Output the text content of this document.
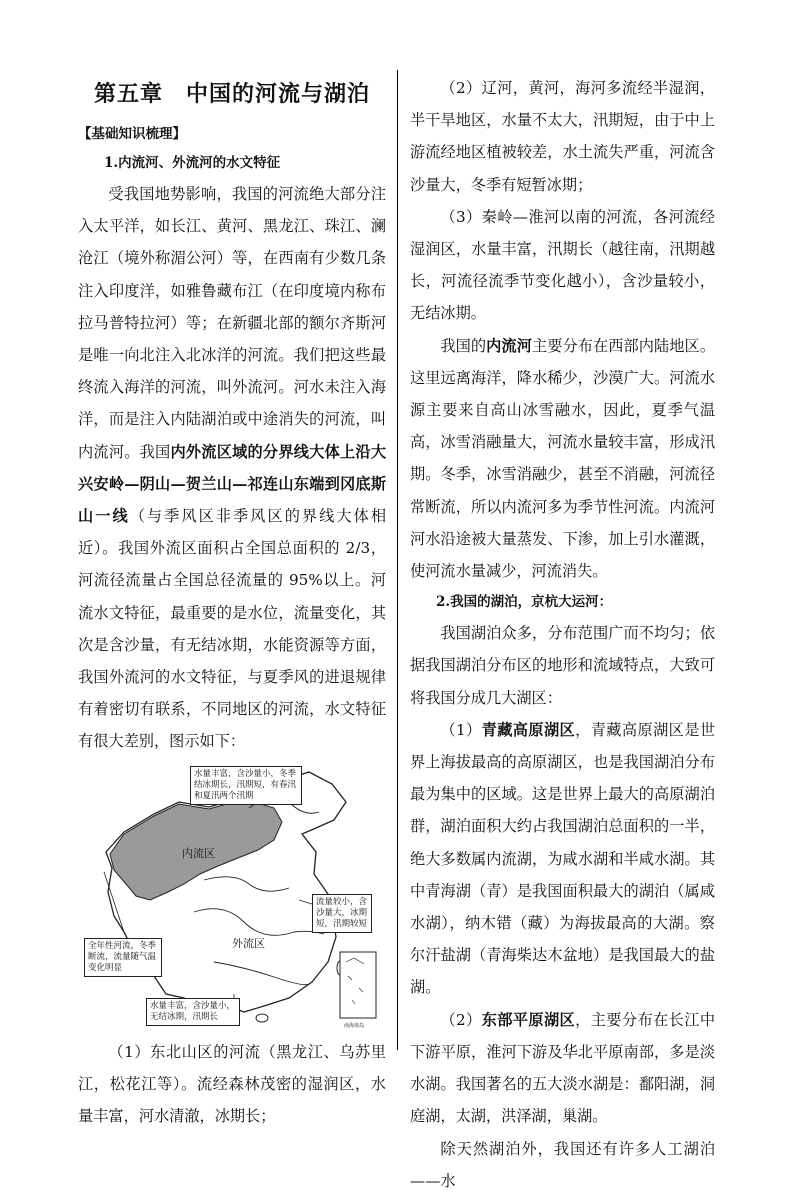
第五章　中国的河流与湖泊
【基础知识梳理】
1.内流河、外流河的水文特征

受我国地势影响，我国的河流绝大部分注入太平洋，如长江、黄河、黑龙江、珠江、澜沧江（境外称湄公河）等，在西南有少数几条注入印度洋，如雅鲁藏布江（在印度境内称布拉马普特拉河）等；在新疆北部的额尔齐斯河是唯一向北注入北冰洋的河流。我们把这些最终流入海洋的河流，叫外流河。河水未注入海洋，而是注入内陆湖泊或中途消失的河流，叫内流河。我国内外流区域的分界线大体上沿大兴安岭—阴山—贺兰山—祁连山东端到冈底斯山一线（与季风区非季风区的界线大体相近）。我国外流区面积占全国总面积的 2/3，河流径流量占全国总径流量的 95%以上。河流水文特征，最重要的是水位，流量变化，其次是含沙量，有无结冰期，水能资源等方面，我国外流河的水文特征，与夏季风的进退规律有着密切有联系，不同地区的河流，水文特征有很大差别，图示如下：

水量丰富，含沙量小，冬季结冰期长，汛期短，有春汛和夏汛两个汛期
流量较小，含沙量大，冰期短，汛期较短
全年性河流，冬季断流，流量随气温变化明显
水量丰富，含沙量小，无结冰期，汛期长
内流区
外流区
南海诸岛

（1）东北山区的河流（黑龙江、乌苏里江，松花江等）。流经森林茂密的湿润区，水量丰富，河水清澈，冰期长；

（2）辽河，黄河，海河多流经半湿润，半干旱地区，水量不太大，汛期短，由于中上游流经地区植被较差，水土流失严重，河流含沙量大，冬季有短暂冰期；

（3）秦岭—淮河以南的河流，各河流经湿润区，水量丰富，汛期长（越往南，汛期越长，河流径流季节变化越小），含沙量较小，无结冰期。

我国的内流河主要分布在西部内陆地区。这里远离海洋，降水稀少，沙漠广大。河流水源主要来自高山冰雪融水，因此，夏季气温高，冰雪消融量大，河流水量较丰富，形成汛期。冬季，冰雪消融少，甚至不消融，河流径常断流，所以内流河多为季节性河流。内流河河水沿途被大量蒸发、下渗，加上引水灌溉，使河流水量减少，河流消失。

2.我国的湖泊，京杭大运河：

我国湖泊众多，分布范围广而不均匀；依据我国湖泊分布区的地形和流域特点，大致可将我国分成几大湖区：

（1）青藏高原湖区，青藏高原湖区是世界上海拔最高的高原湖区，也是我国湖泊分布最为集中的区域。这是世界上最大的高原湖泊群，湖泊面积大约占我国湖泊总面积的一半，绝大多数属内流湖，为咸水湖和半咸水湖。其中青海湖（青）是我国面积最大的湖泊（属咸水湖），纳木错（藏）为海拔最高的大湖。察尔汗盐湖（青海柴达木盆地）是我国最大的盐湖。

（2）东部平原湖区，主要分布在长江中下游平原，淮河下游及华北平原南部，多是淡水湖。我国著名的五大淡水湖是：鄱阳湖，洞庭湖，太湖，洪泽湖，巢湖。

除天然湖泊外，我国还有许多人工湖泊——水
